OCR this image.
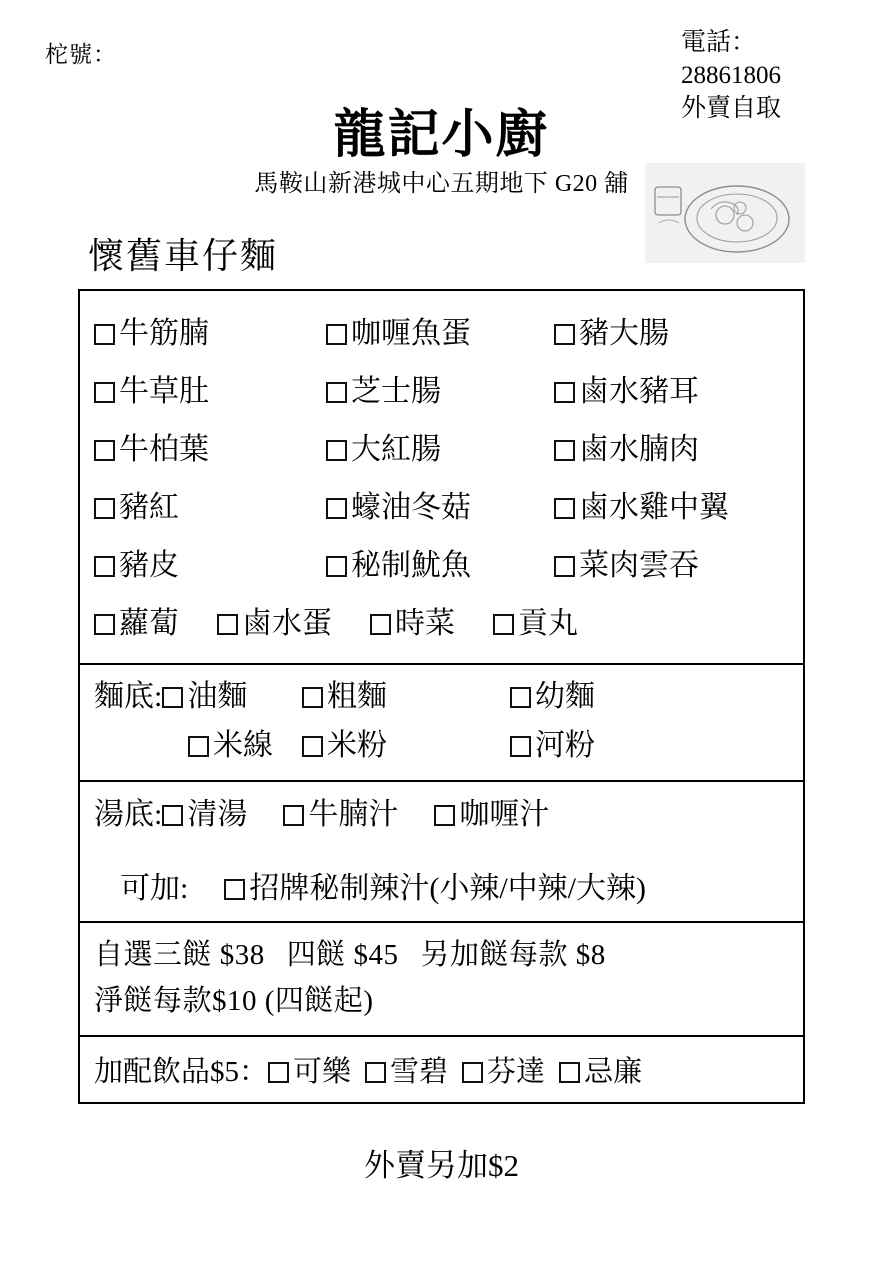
柁號：	電話：
28861806
外賣自取
龍記小廚
馬鞍山新港城中心五期地下 G20 舖
懷舊車仔麵
牛筋腩	咖喱魚蛋	豬大腸
牛草肚	芝士腸	鹵水豬耳
牛柏葉	大紅腸	鹵水腩肉
豬紅	蠔油冬菇	鹵水雞中翼
豬皮	秘制魷魚	菜肉雲吞
蘿蔔	鹵水蛋	時菜	貢丸
麵底: 油麵	粗麵	幼麵
米線	米粉	河粉
湯底: 清湯 牛腩汁 咖喱汁
可加: 招牌秘制辣汁(小辣/中辣/大辣)
自選三餸 $38 四餸 $45 另加餸每款 $8
淨餸每款$10 (四餸起)
加配飲品$5： 可樂 雪碧 芬達 忌廉
外賣另加$2
